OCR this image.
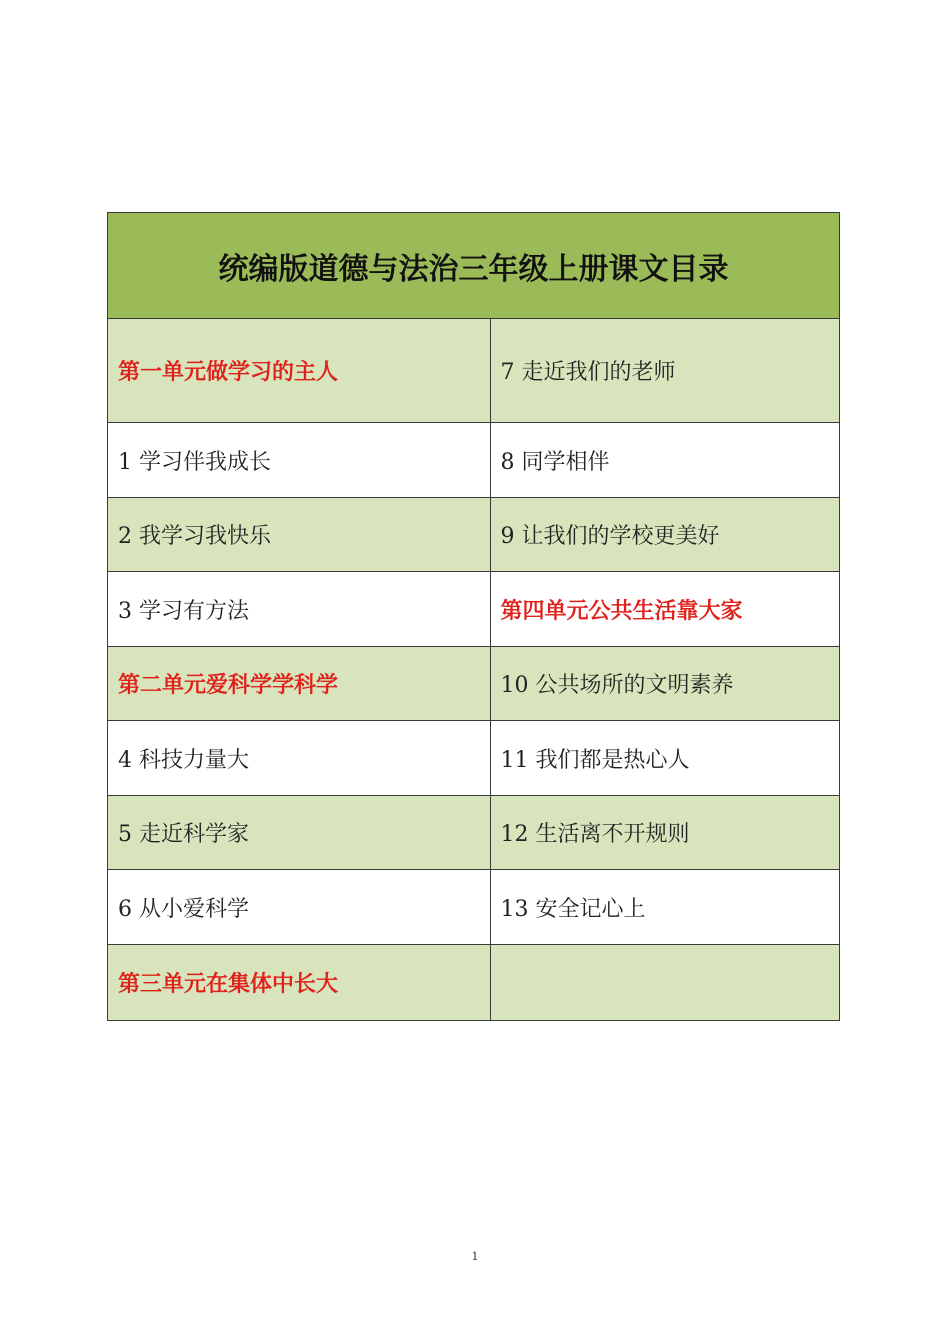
统编版道德与法治三年级上册课文目录	
第一单元做学习的主人	7 走近我们的老师
1 学习伴我成长	8 同学相伴
2 我学习我快乐	9 让我们的学校更美好
3 学习有方法	第四单元公共生活靠大家
第二单元爱科学学科学	10 公共场所的文明素养
4 科技力量大	11 我们都是热心人
5 走近科学家	12 生活离不开规则
6 从小爱科学	13 安全记心上
第三单元在集体中长大	
1
